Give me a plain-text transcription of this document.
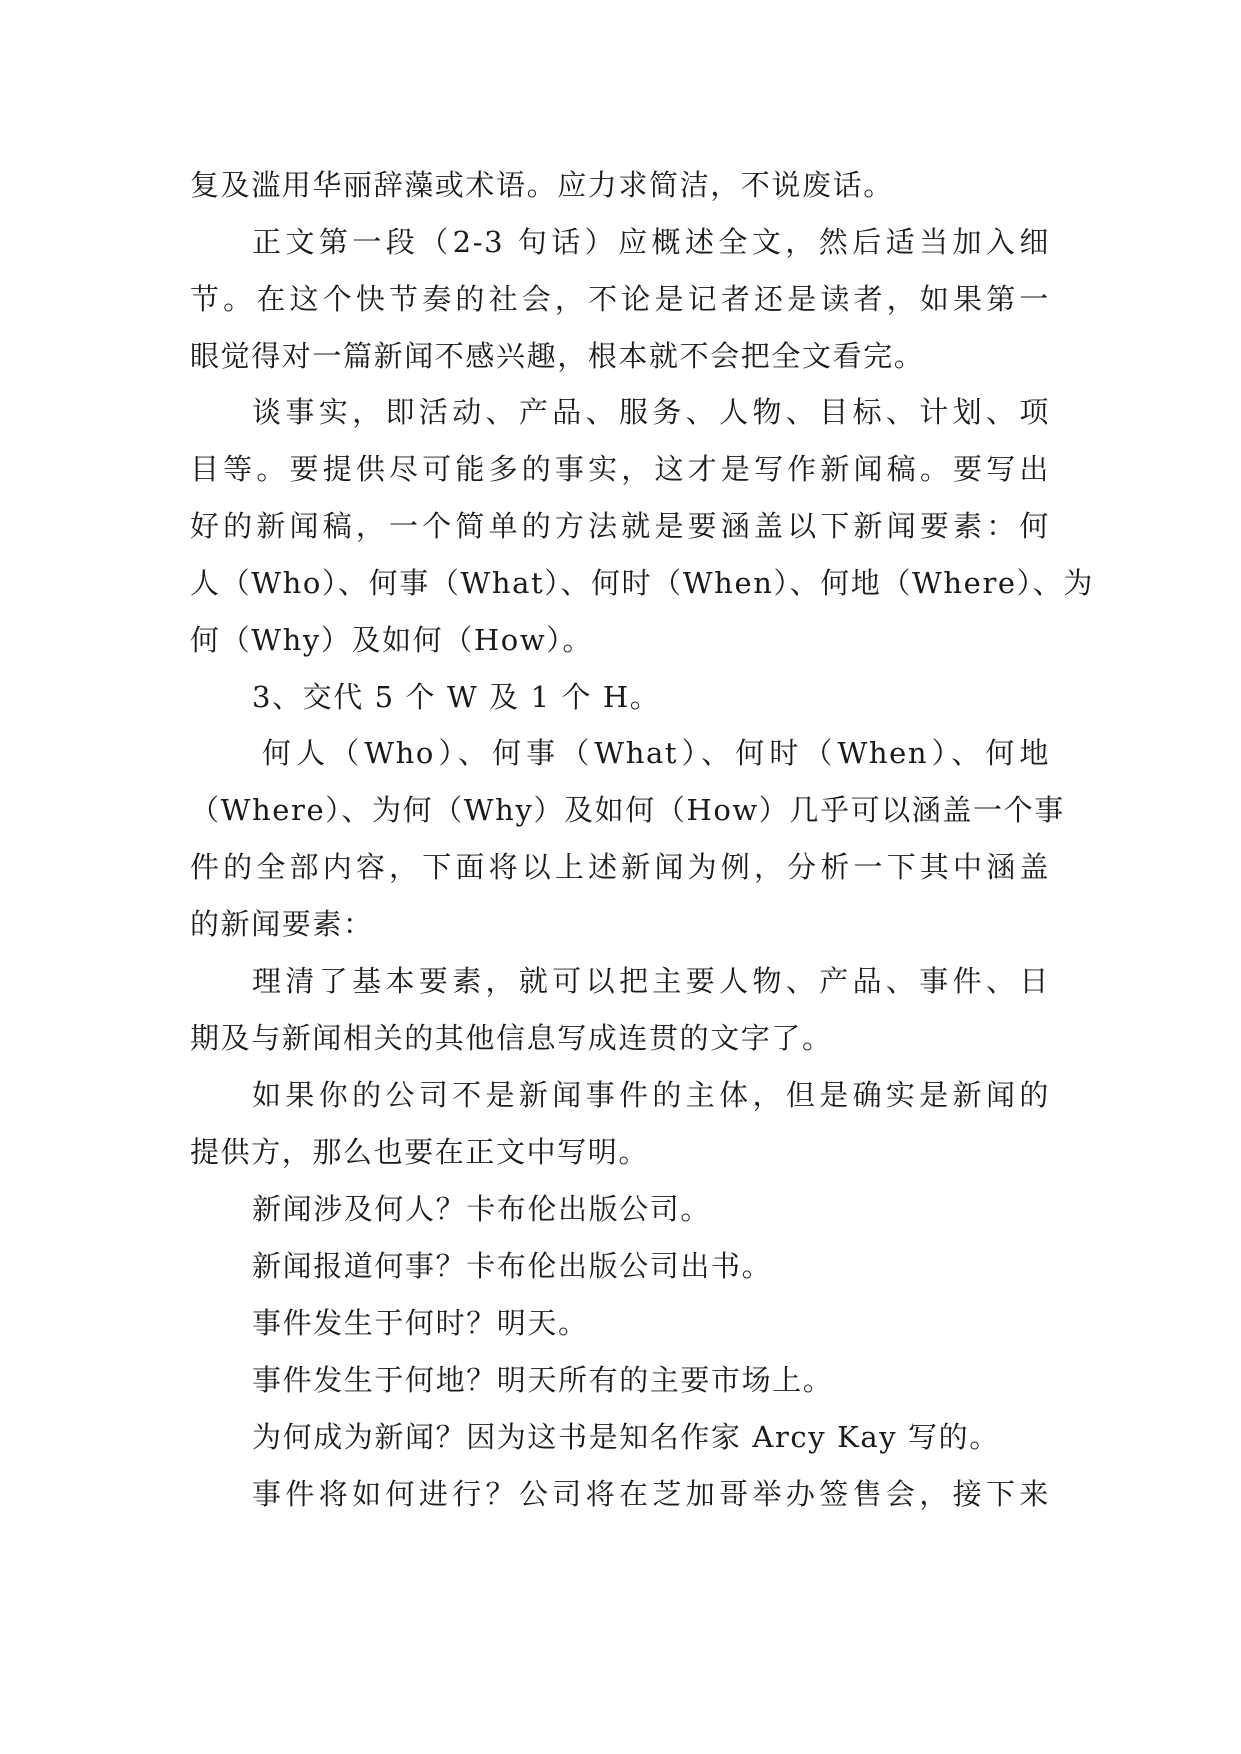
复及滥用华丽辞藻或术语。应力求简洁，不说废话。
正文第一段（2-3 句话）应概述全文，然后适当加入细
节。在这个快节奏的社会，不论是记者还是读者，如果第一
眼觉得对一篇新闻不感兴趣，根本就不会把全文看完。
谈事实，即活动、产品、服务、人物、目标、计划、项
目等。要提供尽可能多的事实，这才是写作新闻稿。要写出
好的新闻稿，一个简单的方法就是要涵盖以下新闻要素：何
人（Who）、何事（What）、何时（When）、何地（Where）、为
何（Why）及如何（How）。
3、交代 5 个 W 及 1 个 H。
何人（Who）、何事（What）、何时（When）、何地
（Where）、为何（Why）及如何（How）几乎可以涵盖一个事
件的全部内容，下面将以上述新闻为例，分析一下其中涵盖
的新闻要素：
理清了基本要素，就可以把主要人物、产品、事件、日
期及与新闻相关的其他信息写成连贯的文字了。
如果你的公司不是新闻事件的主体，但是确实是新闻的
提供方，那么也要在正文中写明。
新闻涉及何人？卡布伦出版公司。
新闻报道何事？卡布伦出版公司出书。
事件发生于何时？明天。
事件发生于何地？明天所有的主要市场上。
为何成为新闻？因为这书是知名作家 Arcy Kay 写的。
事件将如何进行？公司将在芝加哥举办签售会，接下来
